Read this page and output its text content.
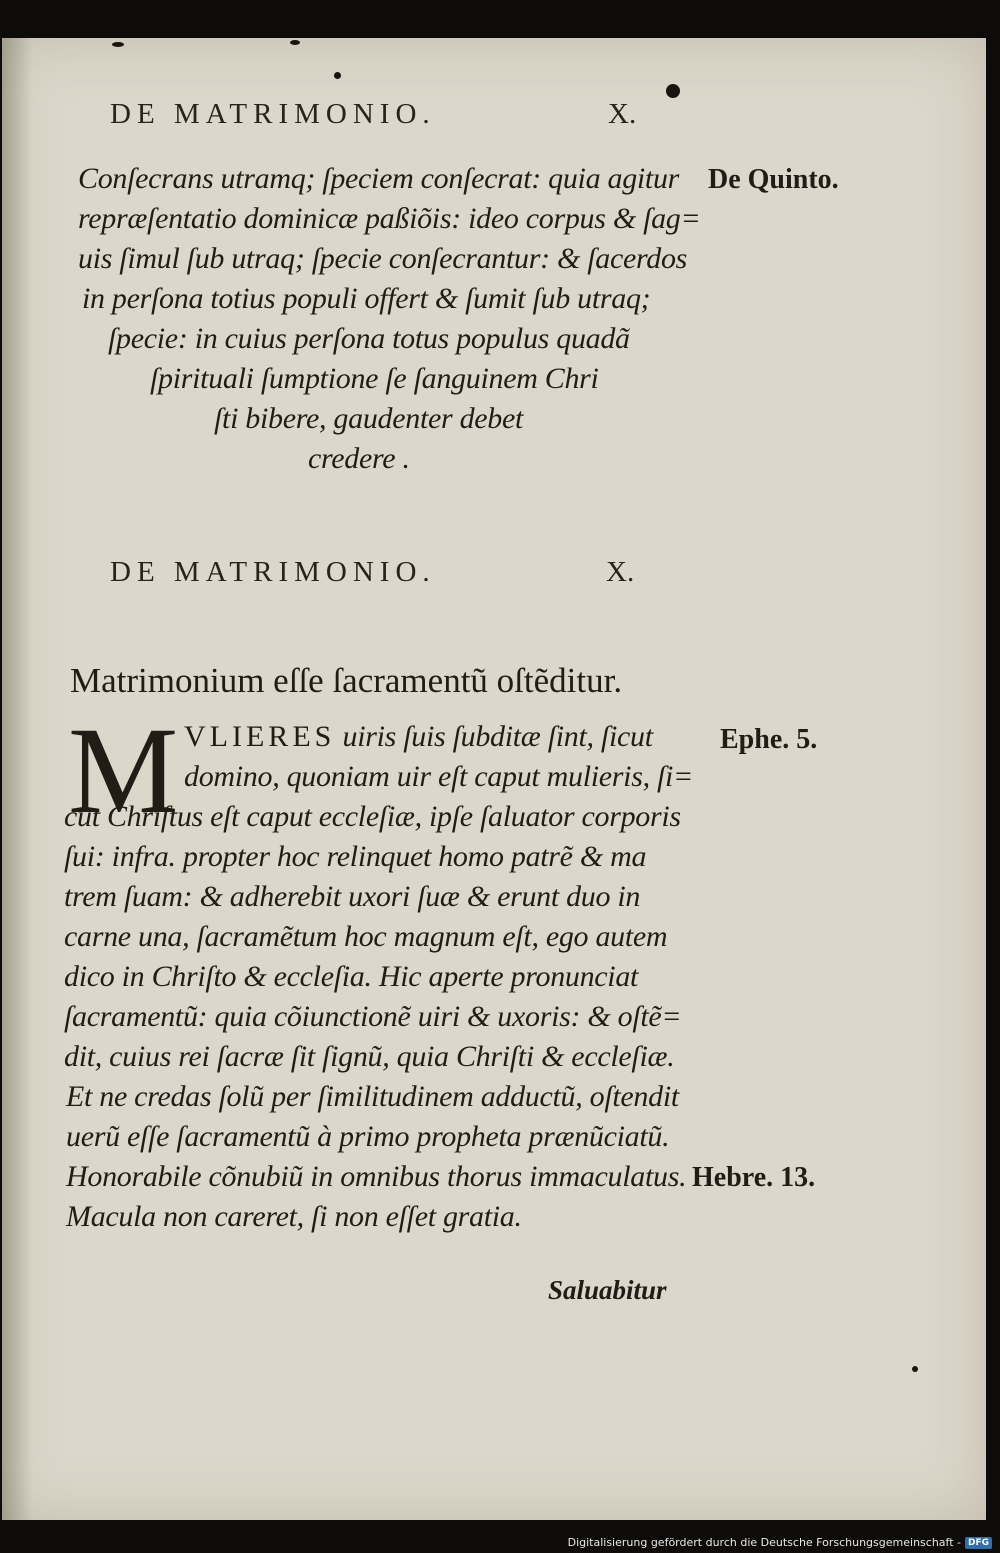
DE MATRIMONIO.	X.
Conſecrans utramq; ſpeciem conſecrat: quia agitur
repræſentatio dominicæ paßiõis: ideo corpus & ſag=
uis ſimul ſub utraq; ſpecie conſecrantur: & ſacerdos
in perſona totius populi offert & ſumit ſub utraq;
ſpecie: in cuius perſona totus populus quadã
ſpirituali ſumptione ſe ſanguinem Chri
ſti bibere, gaudenter debet
credere .
De Quinto.
DE MATRIMONIO.	X.
Matrimonium eſſe ſacramentũ oſtẽditur.
M VLIERES uiris ſuis ſubditæ ſint, ſicut
domino, quoniam uir eſt caput mulieris, ſi=
cut Chriſtus eſt caput eccleſiæ, ipſe ſaluator corporis
ſui: infra. propter hoc relinquet homo patrẽ & ma
trem ſuam: & adherebit uxori ſuæ & erunt duo in
carne una, ſacramẽtum hoc magnum eſt, ego autem
dico in Chriſto & eccleſia. Hic aperte pronunciat
ſacramentũ: quia cõiunctionẽ uiri & uxoris: & oſtẽ=
dit, cuius rei ſacræ ſit ſignũ, quia Chriſti & eccleſiæ.
Et ne credas ſolũ per ſimilitudinem adductũ, oſtendit
uerũ eſſe ſacramentũ à primo propheta prænũciatũ.
Honorabile cõnubiũ in omnibus thorus immaculatus.
Macula non careret, ſi non eſſet gratia.
Ephe. 5.
Hebre. 13.
Saluabitur
Digitalisierung gefördert durch die Deutsche Forschungsgemeinschaft - DFG
